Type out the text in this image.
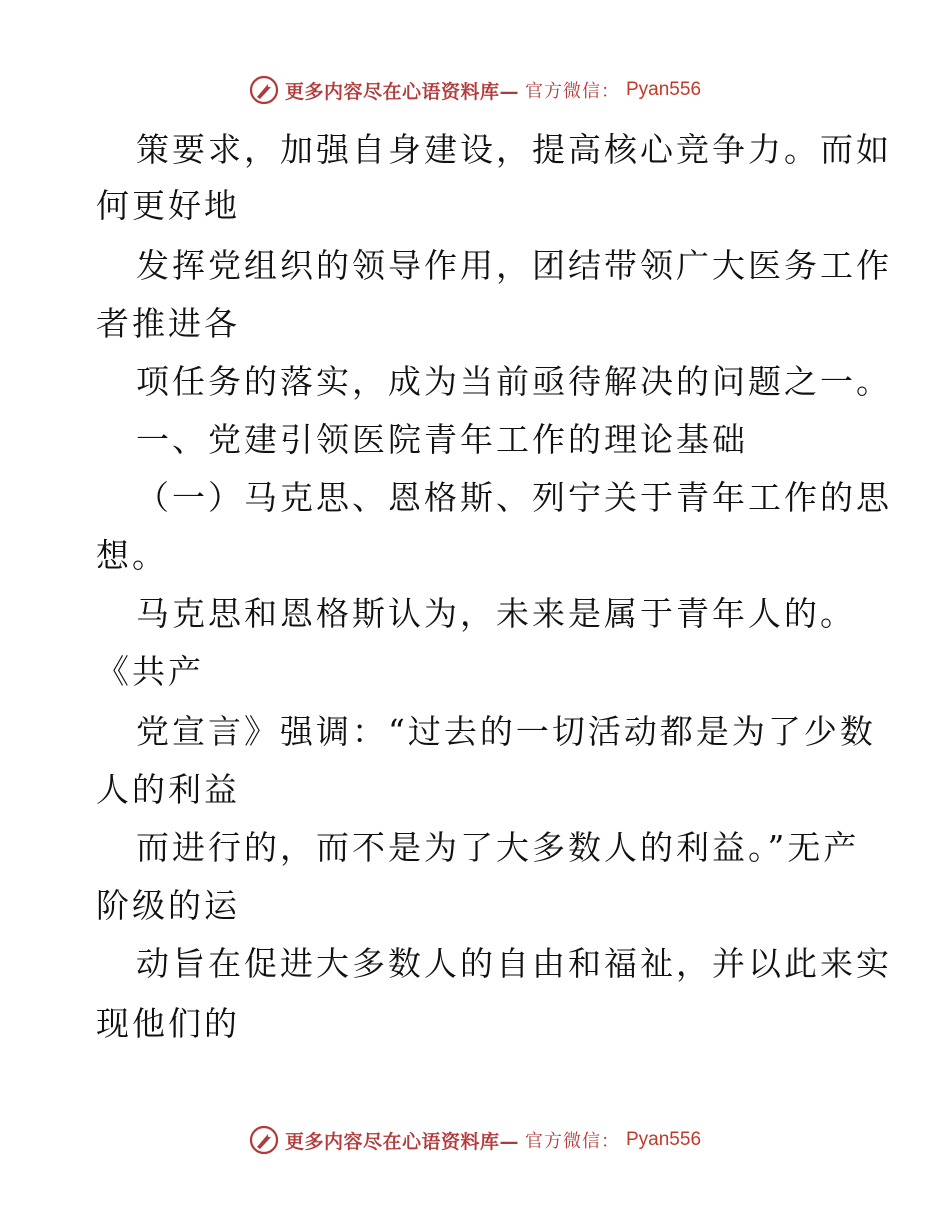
更多内容尽在心语资料库— 官方微信： Pyan556
策要求，加强自身建设，提高核心竞争力。而如
何更好地
发挥党组织的领导作用，团结带领广大医务工作
者推进各
项任务的落实，成为当前亟待解决的问题之一。
一、党建引领医院青年工作的理论基础
（一）马克思、恩格斯、列宁关于青年工作的思
想。
马克思和恩格斯认为，未来是属于青年人的。
《共产
党宣言》强调：“过去的一切活动都是为了少数
人的利益
而进行的，而不是为了大多数人的利益。”无产
阶级的运
动旨在促进大多数人的自由和福祉，并以此来实
现他们的
更多内容尽在心语资料库— 官方微信： Pyan556
